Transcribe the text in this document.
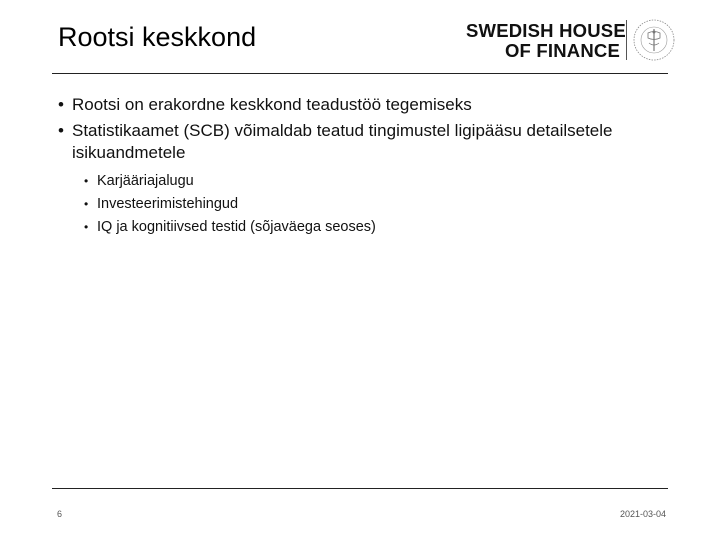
Rootsi keskkond	SWEDISH HOUSE
OF FINANCE
• Rootsi on erakordne keskkond teadustöö tegemiseks
• Statistikaamet (SCB) võimaldab teatud tingimustel ligipääsu detailsetele isikuandmetele
• Karjääriajalugu
• Investeerimistehingud
• IQ ja kognitiivsed testid (sõjaväega seoses)
6	2021-03-04
